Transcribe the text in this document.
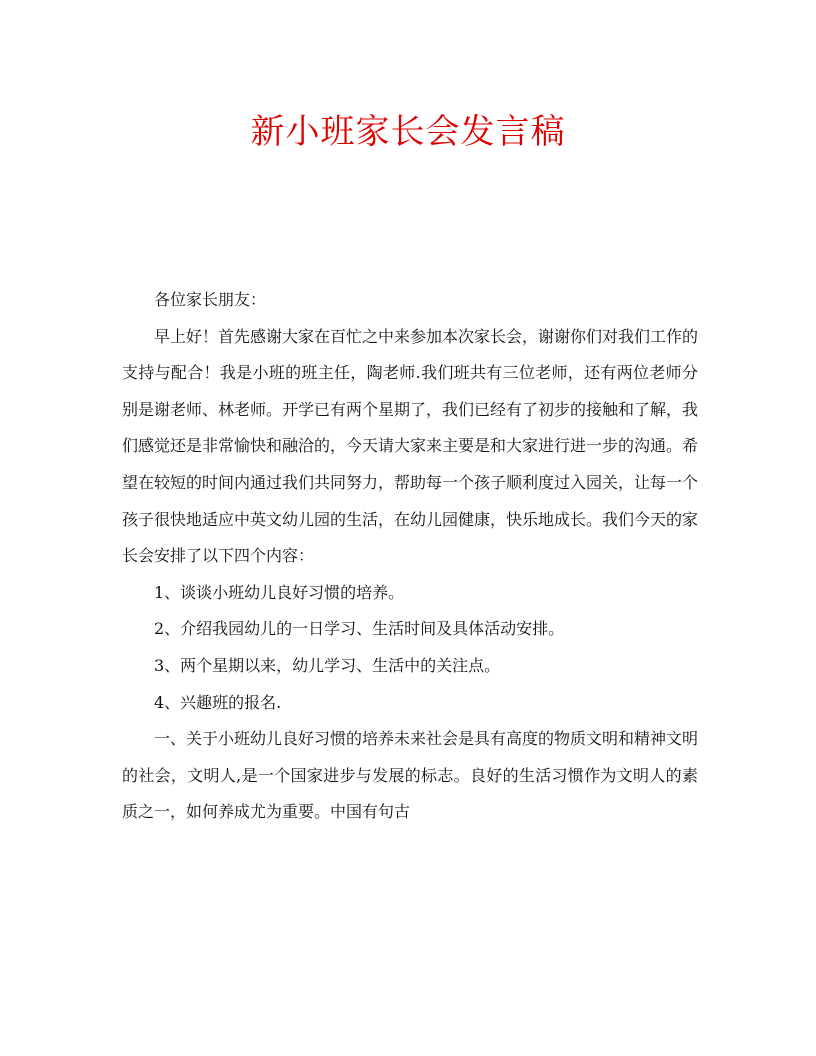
新小班家长会发言稿

各位家长朋友：

早上好！首先感谢大家在百忙之中来参加本次家长会，谢谢你们对我们工作的支持与配合！我是小班的班主任，陶老师.我们班共有三位老师，还有两位老师分别是谢老师、林老师。开学已有两个星期了，我们已经有了初步的接触和了解，我们感觉还是非常愉快和融洽的，今天请大家来主要是和大家进行进一步的沟通。希望在较短的时间内通过我们共同努力，帮助每一个孩子顺利度过入园关，让每一个孩子很快地适应中英文幼儿园的生活，在幼儿园健康，快乐地成长。我们今天的家长会安排了以下四个内容：

1、谈谈小班幼儿良好习惯的培养。

2、介绍我园幼儿的一日学习、生活时间及具体活动安排。

3、两个星期以来，幼儿学习、生活中的关注点。

4、兴趣班的报名.

一、关于小班幼儿良好习惯的培养未来社会是具有高度的物质文明和精神文明的社会，文明人,是一个国家进步与发展的标志。良好的生活习惯作为文明人的素质之一，如何养成尤为重要。中国有句古
